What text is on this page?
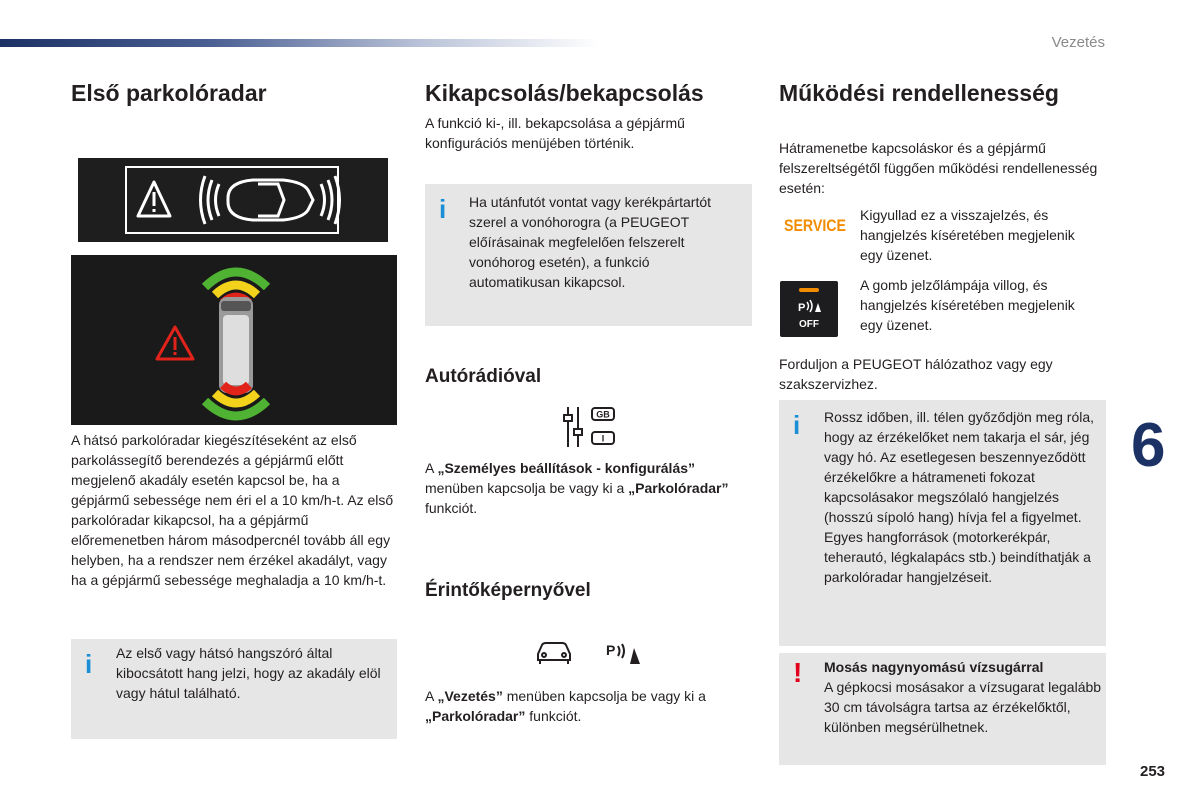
Vezetés
Első parkolóradar

A hátsó parkolóradar kiegészítéseként az első parkolássegítő berendezés a gépjármű előtt megjelenő akadály esetén kapcsol be, ha a gépjármű sebessége nem éri el a 10 km/h-t. Az első parkolóradar kikapcsol, ha a gépjármű előremenetben három másodpercnél tovább áll egy helyben, ha a rendszer nem érzékel akadályt, vagy ha a gépjármű sebessége meghaladja a 10 km/h-t.

i	Az első vagy hátsó hangszóró által kibocsátott hang jelzi, hogy az akadály elöl vagy hátul található.

Kikapcsolás/bekapcsolás

A funkció ki-, ill. bekapcsolása a gépjármű konfigurációs menüjében történik.

i	Ha utánfutót vontat vagy kerékpártartót szerel a vonóhorogra (a PEUGEOT előírásainak megfelelően felszerelt vonóhorog esetén), a funkció automatikusan kikapcsol.

Autórádióval
GB
I

A „Személyes beállítások - konfigurálás” menüben kapcsolja be vagy ki a „Parkolóradar” funkciót.

Érintőképernyővel
P

A „Vezetés” menüben kapcsolja be vagy ki a „Parkolóradar” funkciót.

Működési rendellenesség

Hátramenetbe kapcsoláskor és a gépjármű felszereltségétől függően működési rendellenesség esetén:

SERVICE

Kigyullad ez a visszajelzés, és hangjelzés kíséretében megjelenik egy üzenet.

P
OFF

A gomb jelzőlámpája villog, és hangjelzés kíséretében megjelenik egy üzenet.

Forduljon a PEUGEOT hálózathoz vagy egy szakszervizhez.

i	Rossz időben, ill. télen győződjön meg róla, hogy az érzékelőket nem takarja el sár, jég vagy hó. Az esetlegesen beszennyeződött érzékelőkre a hátrameneti fokozat kapcsolásakor megszólaló hangjelzés (hosszú sípoló hang) hívja fel a figyelmet. Egyes hangforrások (motorkerékpár, teherautó, légkalapács stb.) beindíthatják a parkolóradar hangjelzéseit.

! Mosás nagynyomású vízsugárral

A gépkocsi mosásakor a vízsugarat legalább 30 cm távolságra tartsa az érzékelőktől, különben megsérülhetnek.

6
253
